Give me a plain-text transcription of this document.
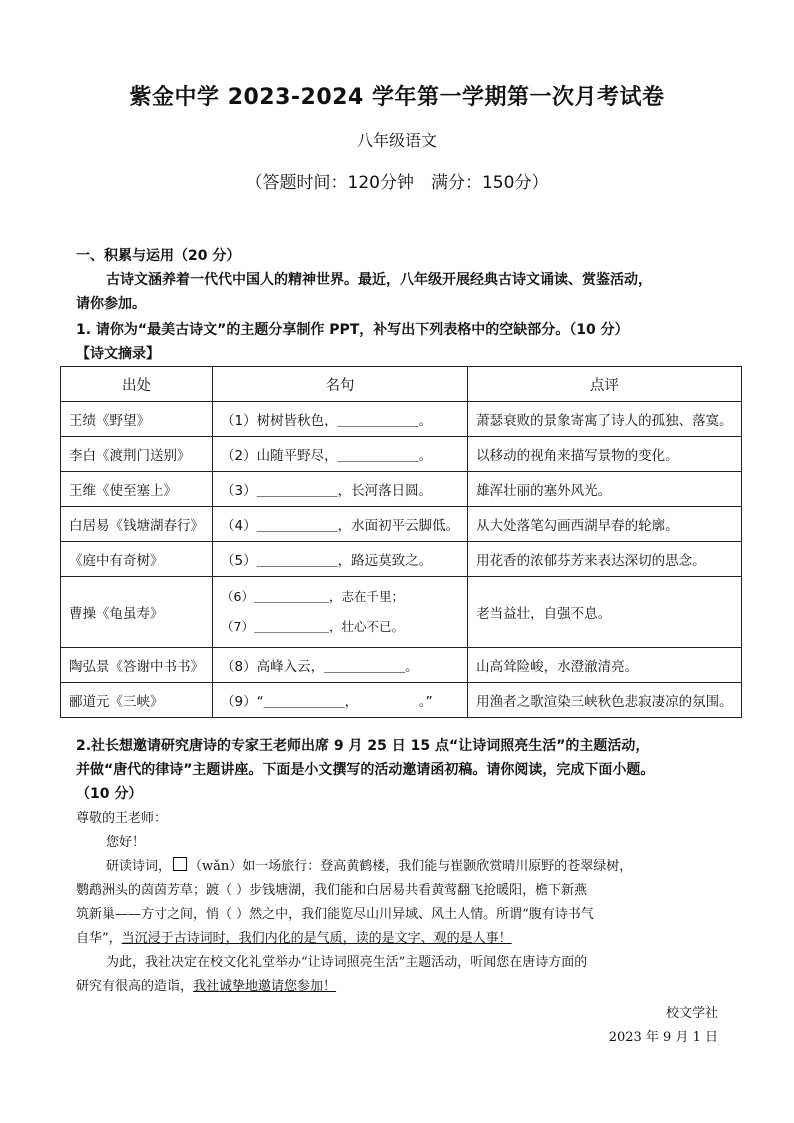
紫金中学 2023-2024 学年第一学期第一次月考试卷
八年级语文
（答题时间：120分钟　满分：150分）
一、积累与运用（20 分）
古诗文涵养着一代代中国人的精神世界。最近，八年级开展经典古诗文诵读、赏鉴活动，
请你参加。
1. 请你为“最美古诗文”的主题分享制作 PPT，补写出下列表格中的空缺部分。（10 分）
【诗文摘录】
出处	名句	点评
王绩《野望》	（1）树树皆秋色，＿＿＿＿＿＿。	萧瑟衰败的景象寄寓了诗人的孤独、落寞。
李白《渡荆门送别》	（2）山随平野尽，＿＿＿＿＿＿。	以移动的视角来描写景物的变化。
王维《使至塞上》	（3）＿＿＿＿＿＿，长河落日圆。	雄浑壮丽的塞外风光。
白居易《钱塘湖春行》	（4）＿＿＿＿＿＿，水面初平云脚低。	从大处落笔勾画西湖早春的轮廓。
《庭中有奇树》	（5）＿＿＿＿＿＿，路远莫致之。	用花香的浓郁芬芳来表达深切的思念。
曹操《龟虽寿》	（6）＿＿＿＿＿＿，志在千里；
（7）＿＿＿＿＿＿，壮心不已。	老当益壮，自强不息。
陶弘景《答谢中书书》	（8）高峰入云，＿＿＿＿＿＿。	山高耸险峻，水澄澈清亮。
郦道元《三峡》	（9）“＿＿＿＿＿＿，　　　　　。”	用渔者之歌渲染三峡秋色悲寂凄凉的氛围。
2.社长想邀请研究唐诗的专家王老师出席 9 月 25 日 15 点“让诗词照亮生活”的主题活动，
并做“唐代的律诗”主题讲座。下面是小文撰写的活动邀请函初稿。请你阅读，完成下面小题。
（10 分）
尊敬的王老师：
您好！
研读诗词， （wǎn）如一场旅行：登高黄鹤楼，我们能与崔颢欣赏晴川原野的苍翠绿树，
鹦鹉洲头的茵茵芳草；踱（ ）步钱塘湖，我们能和白居易共看黄莺翻飞抢暖阳，檐下新燕
筑新巢——方寸之间，悄（ ）然之中，我们能览尽山川异域、风土人情。所谓“腹有诗书气
自华”，当沉浸于古诗词时，我们内化的是气质，读的是文字、观的是人事！
为此，我社决定在校文化礼堂举办“让诗词照亮生活”主题活动，听闻您在唐诗方面的
研究有很高的造诣，我社诚挚地邀请您参加！
校文学社
2023 年 9 月 1 日
